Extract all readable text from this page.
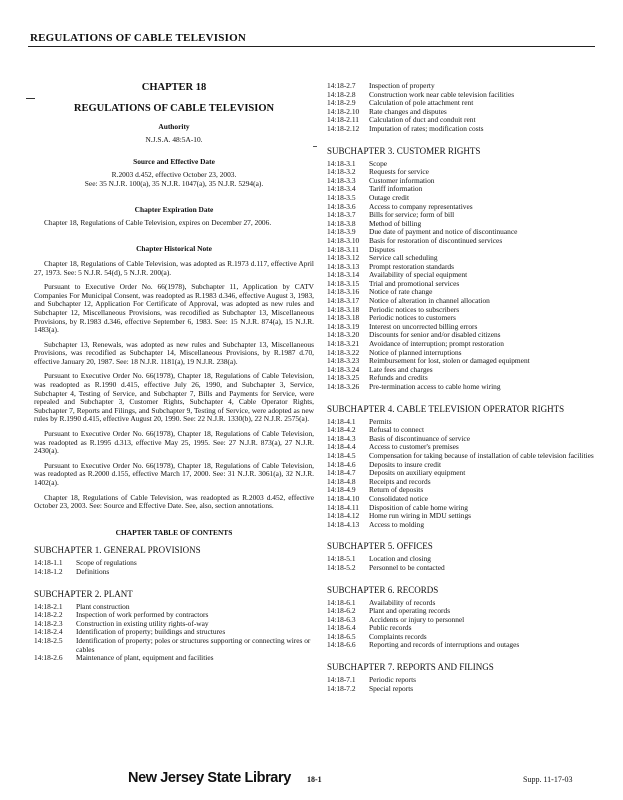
REGULATIONS OF CABLE TELEVISION
CHAPTER 18
REGULATIONS OF CABLE TELEVISION
Authority
N.J.S.A. 48:5A-10.
Source and Effective Date
R.2003 d.452, effective October 23, 2003.
See: 35 N.J.R. 100(a), 35 N.J.R. 1047(a), 35 N.J.R. 5294(a).
Chapter Expiration Date

Chapter 18, Regulations of Cable Television, expires on December 27, 2006.

Chapter Historical Note

Chapter 18, Regulations of Cable Television, was adopted as R.1973 d.117, effective April 27, 1973. See: 5 N.J.R. 54(d), 5 N.J.R. 200(a).

Pursuant to Executive Order No. 66(1978), Subchapter 11, Application by CATV Companies For Municipal Consent, was readopted as R.1983 d.346, effective August 3, 1983, and Subchapter 12, Application For Certificate of Approval, was adopted as new rules and Subchapter 12, Miscellaneous Provisions, was recodified as Subchapter 13, Miscellaneous Provisions, by R.1983 d.346, effective September 6, 1983. See: 15 N.J.R. 874(a), 15 N.J.R. 1483(a).

Subchapter 13, Renewals, was adopted as new rules and Subchapter 13, Miscellaneous Provisions, was recodified as Subchapter 14, Miscellaneous Provisions, by R.1987 d.70, effective January 20, 1987. See: 18 N.J.R. 1181(a), 19 N.J.R. 238(a).

Pursuant to Executive Order No. 66(1978), Chapter 18, Regulations of Cable Television, was readopted as R.1990 d.415, effective July 26, 1990, and Subchapter 3, Service, Subchapter 4, Testing of Service, and Subchapter 7, Bills and Payments for Service, were repealed and Subchapter 3, Customer Rights, Subchapter 4, Cable Operator Rights, Subchapter 7, Reports and Filings, and Subchapter 9, Testing of Service, were adopted as new rules by R.1990 d.415, effective August 20, 1990. See: 22 N.J.R. 1330(b), 22 N.J.R. 2575(a).

Pursuant to Executive Order No. 66(1978), Chapter 18, Regulations of Cable Television, was readopted as R.1995 d.313, effective May 25, 1995. See: 27 N.J.R. 873(a), 27 N.J.R. 2430(a).

Pursuant to Executive Order No. 66(1978), Chapter 18, Regulations of Cable Television, was readopted as R.2000 d.155, effective March 17, 2000. See: 31 N.J.R. 3061(a), 32 N.J.R. 1402(a).

Chapter 18, Regulations of Cable Television, was readopted as R.2003 d.452, effective October 23, 2003. See: Source and Effective Date. See, also, section annotations.

CHAPTER TABLE OF CONTENTS
SUBCHAPTER 1. GENERAL PROVISIONS
14:18-1.1	Scope of regulations
14:18-1.2	Definitions
SUBCHAPTER 2. PLANT
14:18-2.1	Plant construction
14:18-2.2	Inspection of work performed by contractors
14:18-2.3	Construction in existing utility rights-of-way
14:18-2.4	Identification of property; buildings and structures
14:18-2.5	Identification of property; poles or structures supporting or connecting wires or cables
14:18-2.6	Maintenance of plant, equipment and facilities
14:18-2.7	Inspection of property
14:18-2.8	Construction work near cable television facilities
14:18-2.9	Calculation of pole attachment rent
14:18-2.10	Rate changes and disputes
14:18-2.11	Calculation of duct and conduit rent
14:18-2.12	Imputation of rates; modification costs
SUBCHAPTER 3. CUSTOMER RIGHTS
14:18-3.1	Scope
14:18-3.2	Requests for service
14:18-3.3	Customer information
14:18-3.4	Tariff information
14:18-3.5	Outage credit
14:18-3.6	Access to company representatives
14:18-3.7	Bills for service; form of bill
14:18-3.8	Method of billing
14:18-3.9	Due date of payment and notice of discontinuance
14:18-3.10	Basis for restoration of discontinued services
14:18-3.11	Disputes
14:18-3.12	Service call scheduling
14:18-3.13	Prompt restoration standards
14:18-3.14	Availability of special equipment
14:18-3.15	Trial and promotional services
14:18-3.16	Notice of rate change
14:18-3.17	Notice of alteration in channel allocation
14:18-3.18	Periodic notices to subscribers
14:18-3.18	Periodic notices to customers
14:18-3.19	Interest on uncorrected billing errors
14:18-3.20	Discounts for senior and/or disabled citizens
14:18-3.21	Avoidance of interruption; prompt restoration
14:18-3.22	Notice of planned interruptions
14:18-3.23	Reimbursement for lost, stolen or damaged equipment
14:18-3.24	Late fees and charges
14:18-3.25	Refunds and credits
14:18-3.26	Pre-termination access to cable home wiring
SUBCHAPTER 4. CABLE TELEVISION OPERATOR RIGHTS
14:18-4.1	Permits
14:18-4.2	Refusal to connect
14:18-4.3	Basis of discontinuance of service
14:18-4.4	Access to customer's premises
14:18-4.5	Compensation for taking because of installation of cable television facilities
14:18-4.6	Deposits to insure credit
14:18-4.7	Deposits on auxiliary equipment
14:18-4.8	Receipts and records
14:18-4.9	Return of deposits
14:18-4.10	Consolidated notice
14:18-4.11	Disposition of cable home wiring
14:18-4.12	Home run wiring in MDU settings
14:18-4.13	Access to molding
SUBCHAPTER 5. OFFICES
14:18-5.1	Location and closing
14:18-5.2	Personnel to be contacted
SUBCHAPTER 6. RECORDS
14:18-6.1	Availability of records
14:18-6.2	Plant and operating records
14:18-6.3	Accidents or injury to personnel
14:18-6.4	Public records
14:18-6.5	Complaints records
14:18-6.6	Reporting and records of interruptions and outages
SUBCHAPTER 7. REPORTS AND FILINGS
14:18-7.1	Periodic reports
14:18-7.2	Special reports
New Jersey State Library 18-1	Supp. 11-17-03
